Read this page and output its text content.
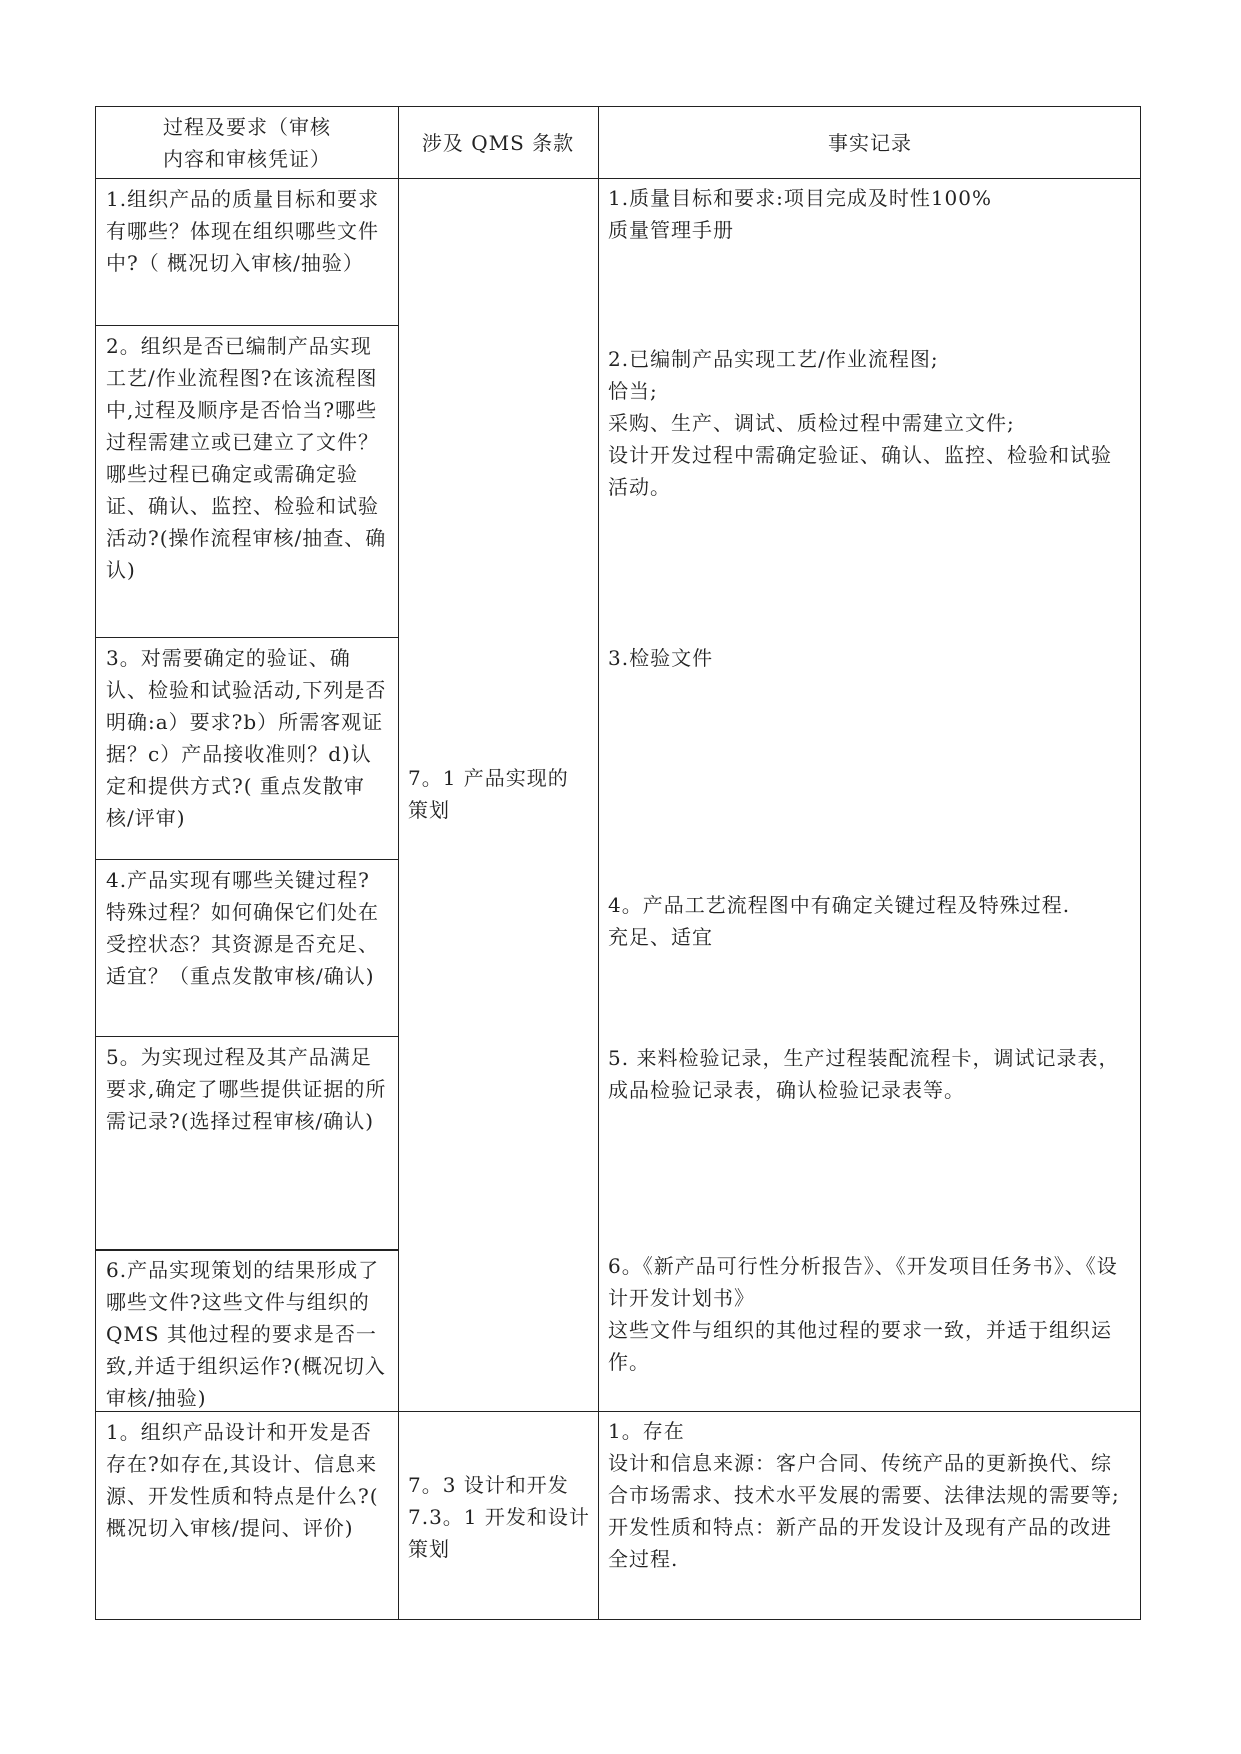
过程及要求（审核
内容和审核凭证）
涉及 QMS 条款	事实记录
7。1 产品实现的
策划
1.组织产品的质量目标和要求有哪些？体现在组织哪些文件中?（ 概况切入审核/抽验）
2。组织是否已编制产品实现工艺/作业流程图?在该流程图中,过程及顺序是否恰当?哪些过程需建立或已建立了文件？哪些过程已确定或需确定验证、确认、监控、检验和试验活动?(操作流程审核/抽查、确认)
3。对需要确定的验证、确认、检验和试验活动,下列是否明确:a）要求?b）所需客观证据？c）产品接收准则？d)认定和提供方式?( 重点发散审核/评审)
4.产品实现有哪些关键过程?特殊过程？如何确保它们处在受控状态？其资源是否充足、适宜？（重点发散审核/确认)
5。为实现过程及其产品满足要求,确定了哪些提供证据的所需记录?(选择过程审核/确认)
6.产品实现策划的结果形成了哪些文件?这些文件与组织的 QMS 其他过程的要求是否一致,并适于组织运作?(概况切入审核/抽验)
1.质量目标和要求:项目完成及时性100%
质量管理手册
2.已编制产品实现工艺/作业流程图;
恰当;
采购、生产、调试、质检过程中需建立文件;
设计开发过程中需确定验证、确认、监控、检验和试验活动。
3.检验文件
4。产品工艺流程图中有确定关键过程及特殊过程.
充足、适宜
5. 来料检验记录，生产过程装配流程卡，调试记录表，成品检验记录表，确认检验记录表等。
6。《新产品可行性分析报告》、《开发项目任务书》、《设计开发计划书》
这些文件与组织的其他过程的要求一致，并适于组织运作。
1。组织产品设计和开发是否存在?如存在,其设计、信息来源、开发性质和特点是什么?( 概况切入审核/提问、评价)
7。3 设计和开发
7.3。1 开发和设计策划
1。存在
设计和信息来源：客户合同、传统产品的更新换代、综合市场需求、技术水平发展的需要、法律法规的需要等;
开发性质和特点：新产品的开发设计及现有产品的改进全过程.
